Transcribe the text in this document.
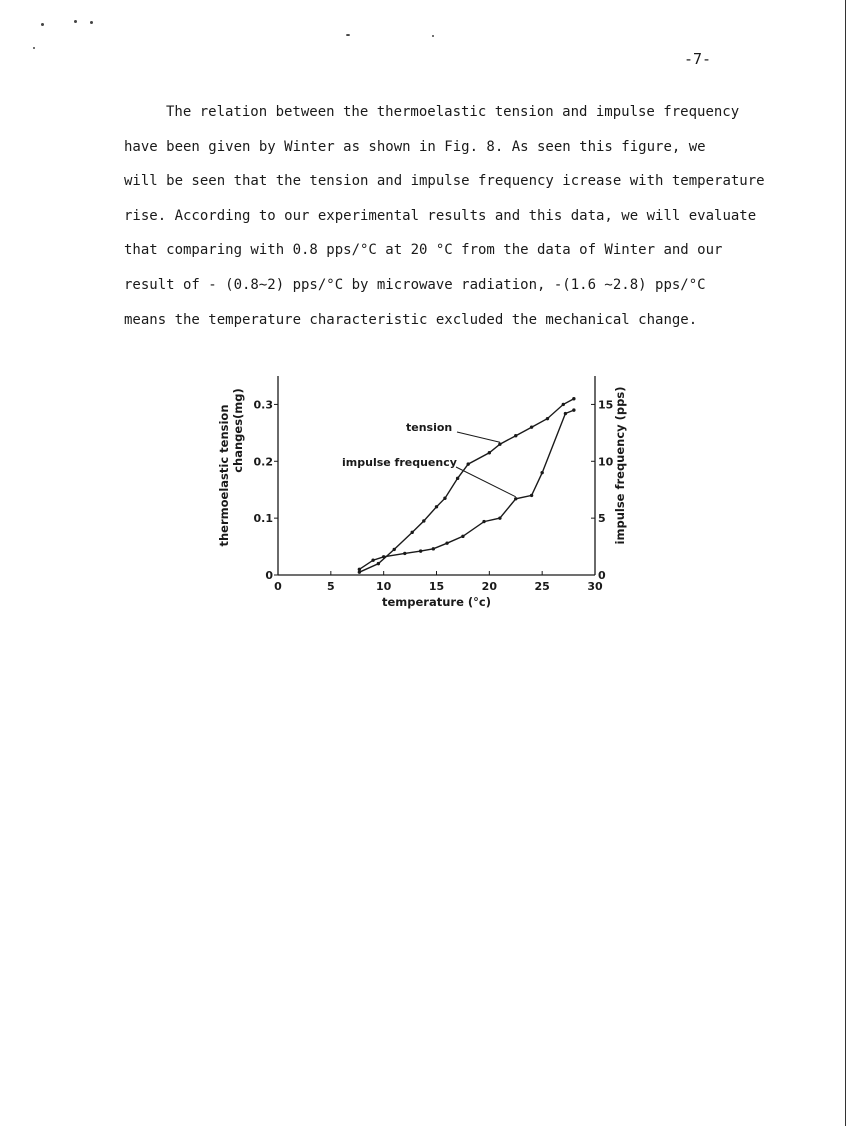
-7-

The relation between the thermoelastic tension and impulse frequency
have been given by Winter as shown in Fig. 8. As seen this figure, we
will be seen that the tension and impulse frequency icrease with temperature
rise. According to our experimental results and this data, we will evaluate
that comparing with 0.8 pps/°C at 20 °C from the data of Winter and our
result of - (0.8∼2) pps/°C by microwave radiation, -(1.6 ∼2.8) pps/°C
means the temperature characteristic excluded the mechanical change.

0	5	10	15	20	25	30
0
0.1
0.2
0.3
0
5
10
15
temperature (°c)
thermoelastic tension changes(mg)	impulse frequency (pps)
tension
impulse frequency
